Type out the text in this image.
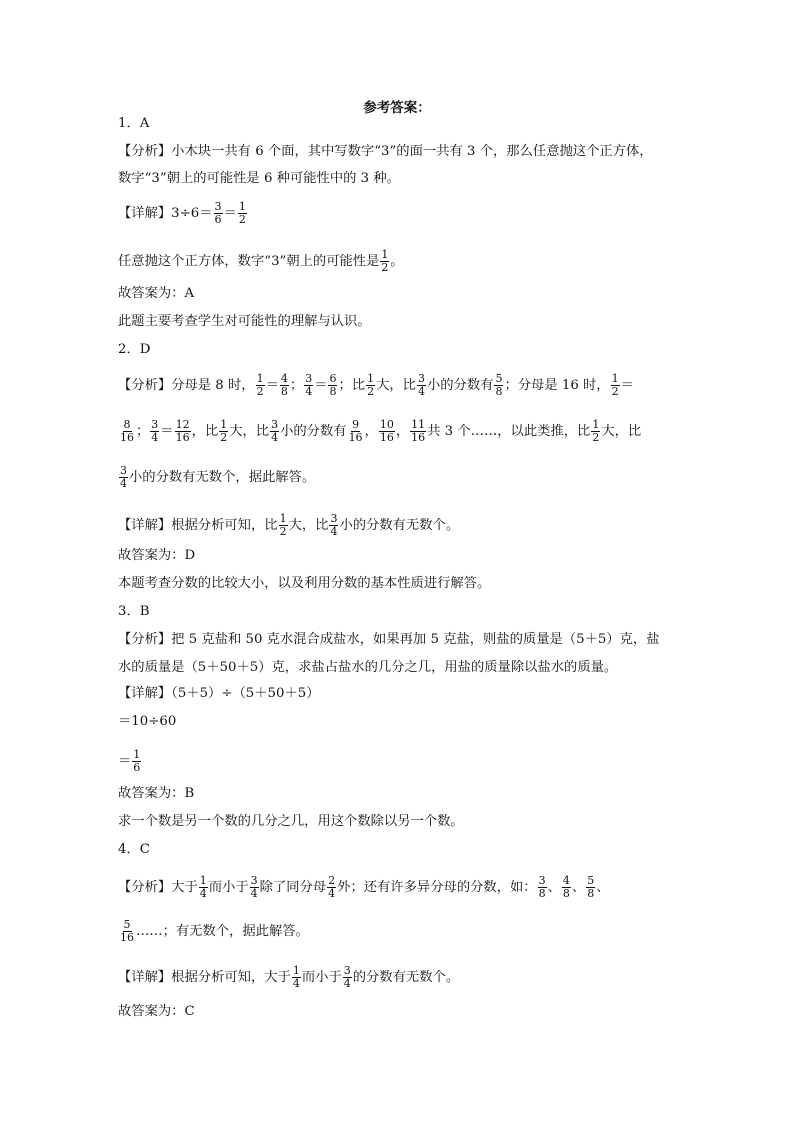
参考答案：
1．A
【分析】小木块一共有 6 个面，其中写数字“3”的面一共有 3 个，那么任意抛这个正方体，
数字“3”朝上的可能性是 6 种可能性中的 3 种。
【详解】$3\div 6= \frac{3}{6} = \frac{1}{2}$
任意抛这个正方体，数字“3”朝上的可能性是 $\frac{1}{2}$ 。
故答案为：A
此题主要考查学生对可能性的理解与认识。
2．D
【分析】分母是 8 时， $\frac{1}{2} = \frac{4}{8}$ ； $\frac{3}{4} = \frac{6}{8}$ ；比 $\frac{1}{2}$ 大，比 $\frac{3}{4}$ 小的分数有 $\frac{5}{8}$ ；分母是 16 时， $\frac{1}{2}$ ＝
$\frac{8}{16}$ ； $\frac{3}{4} = \frac{12}{16}$ ，比 $\frac{1}{2}$ 大，比 $\frac{3}{4}$ 小的分数有 $\frac{9}{16}$ ， $\frac{10}{16}$ ， $\frac{11}{16}$ 共 3 个……，以此类推，比 $\frac{1}{2}$ 大，比
$\frac{3}{4}$ 小的分数有无数个，据此解答。
【详解】根据分析可知，比 $\frac{1}{2}$ 大，比 $\frac{3}{4}$ 小的分数有无数个。
故答案为：D
本题考查分数的比较大小，以及利用分数的基本性质进行解答。
3．B
【分析】把 5 克盐和 50 克水混合成盐水，如果再加 5 克盐，则盐的质量是（5＋5）克，盐
水的质量是（5＋50＋5）克，求盐占盐水的几分之几，用盐的质量除以盐水的质量。
【详解】（5＋5）÷（5＋50＋5）
＝10÷60
＝ $\frac{1}{6}$
故答案为：B
求一个数是另一个数的几分之几，用这个数除以另一个数。
4．C
【分析】大于 $\frac{1}{4}$ 而小于 $\frac{3}{4}$ 除了同分母 $\frac{2}{4}$ 外；还有许多异分母的分数，如： $\frac{3}{8}$ 、 $\frac{4}{8}$ 、 $\frac{5}{8}$ 、
$\frac{5}{16}$ ……；有无数个，据此解答。
【详解】根据分析可知，大于 $\frac{1}{4}$ 而小于 $\frac{3}{4}$ 的分数有无数个。
故答案为：C
